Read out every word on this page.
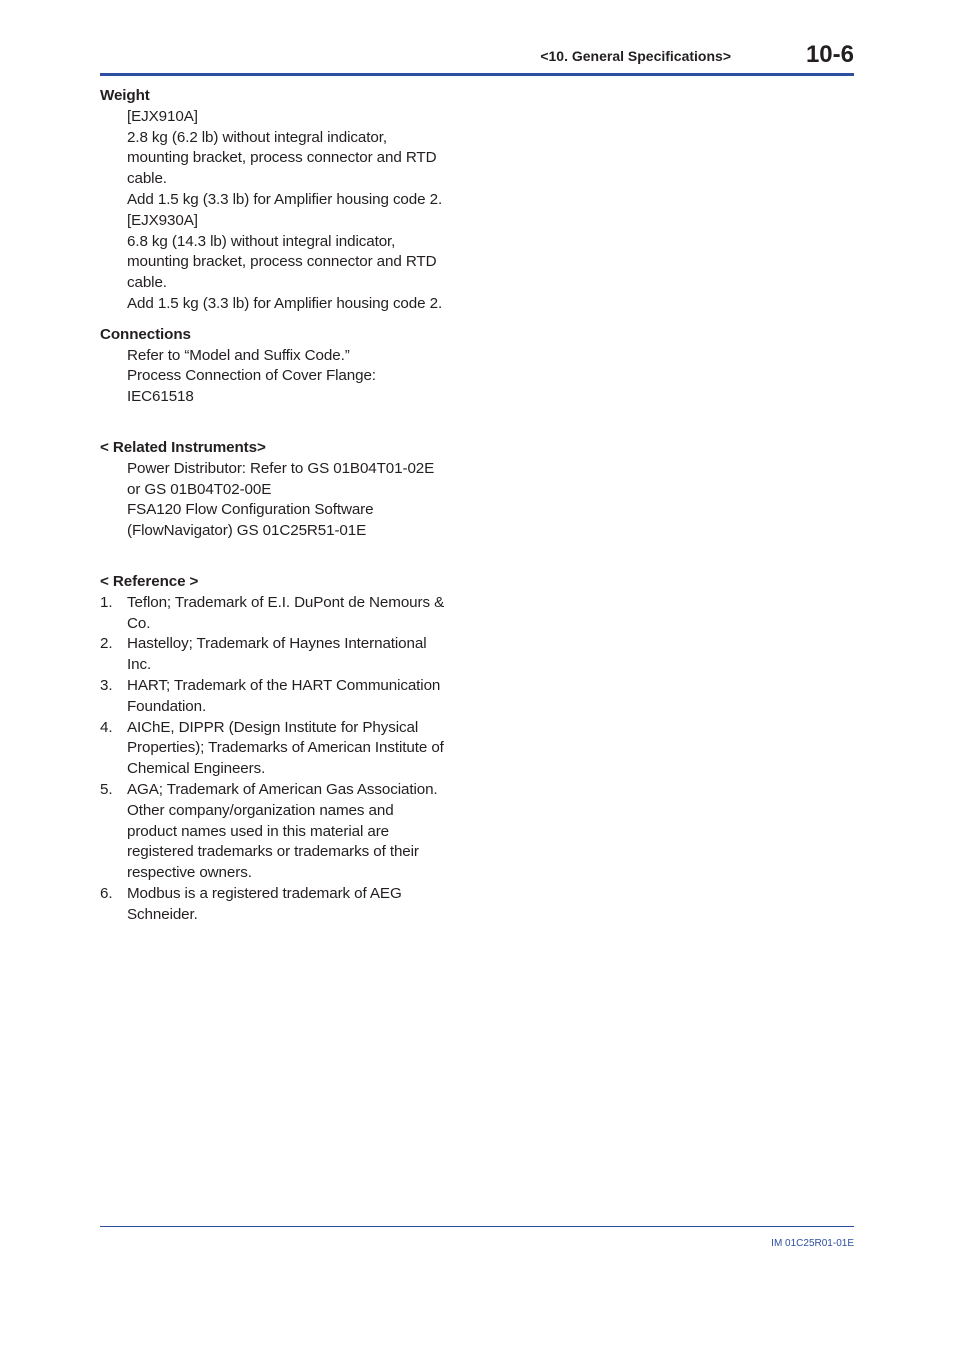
<10. General Specifications>	10-6
Weight
[EJX910A]
2.8 kg (6.2 lb) without integral indicator,
mounting bracket, process connector and RTD
cable.
Add 1.5 kg (3.3 lb) for Amplifier housing code 2.
[EJX930A]
6.8 kg (14.3 lb) without integral indicator,
mounting bracket, process connector and RTD
cable.
Add 1.5 kg (3.3 lb) for Amplifier housing code 2.
Connections
Refer to “Model and Suffix Code.”
Process Connection of Cover Flange:
IEC61518
< Related Instruments>
Power Distributor: Refer to GS 01B04T01-02E
or GS 01B04T02-00E
FSA120 Flow Configuration Software
(FlowNavigator) GS 01C25R51-01E
< Reference >
1. Teflon; Trademark of E.I. DuPont de Nemours &
Co.
2. Hastelloy; Trademark of Haynes International
Inc.
3. HART; Trademark of the HART Communication
Foundation.
4. AIChE, DIPPR (Design Institute for Physical
Properties); Trademarks of American Institute of
Chemical Engineers.
5. AGA; Trademark of American Gas Association.
Other company/organization names and
product names used in this material are
registered trademarks or trademarks of their
respective owners.
6. Modbus is a registered trademark of AEG
Schneider.
IM 01C25R01-01E
